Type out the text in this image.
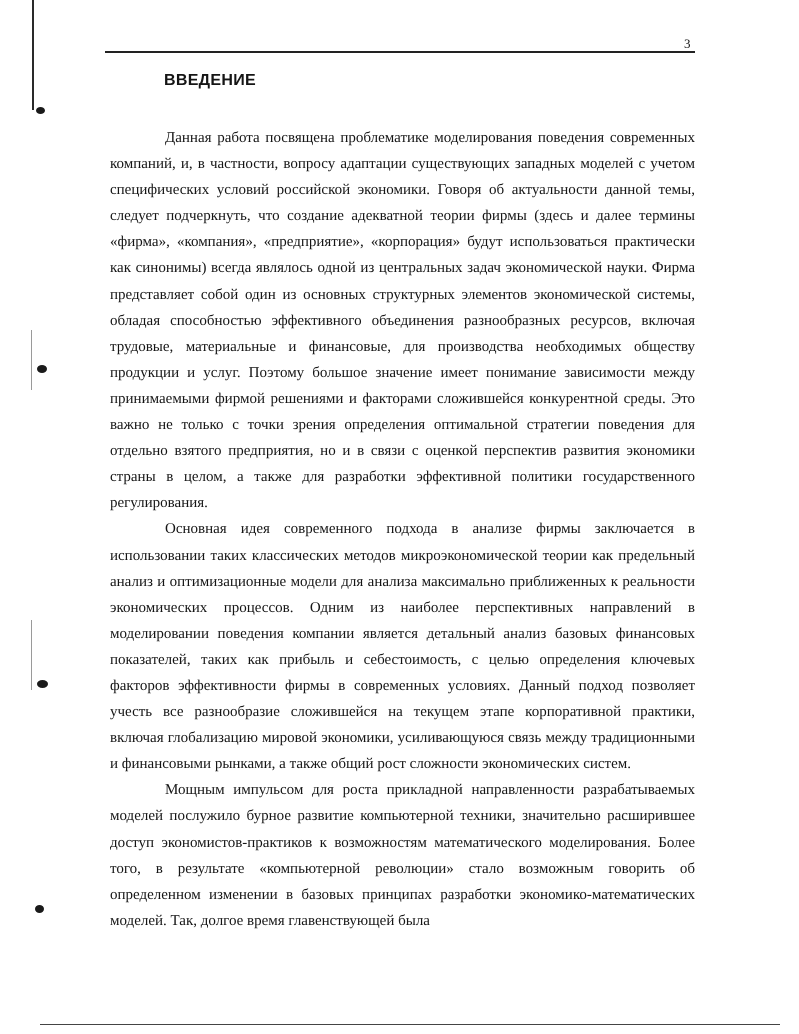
3
ВВЕДЕНИЕ

Данная работа посвящена проблематике моделирования поведения современных компаний, и, в частности, вопросу адаптации существующих западных моделей с учетом специфических условий российской экономики. Говоря об актуальности данной темы, следует подчеркнуть, что создание адекватной теории фирмы (здесь и далее термины «фирма», «компания», «предприятие», «корпорация» будут использоваться практически как синонимы) всегда являлось одной из центральных задач экономической науки. Фирма представляет собой один из основных структурных элементов экономической системы, обладая способностью эффективного объединения разнообразных ресурсов, включая трудовые, материальные и финансовые, для производства необходимых обществу продукции и услуг. Поэтому большое значение имеет понимание зависимости между принимаемыми фирмой решениями и факторами сложившейся конкурентной среды. Это важно не только с точки зрения определения оптимальной стратегии поведения для отдельно взятого предприятия, но и в связи с оценкой перспектив развития экономики страны в целом, а также для разработки эффективной политики государственного регулирования.

Основная идея современного подхода в анализе фирмы заключается в использовании таких классических методов микроэкономической теории как предельный анализ и оптимизационные модели для анализа максимально приближенных к реальности экономических процессов. Одним из наиболее перспективных направлений в моделировании поведения компании является детальный анализ базовых финансовых показателей, таких как прибыль и себестоимость, с целью определения ключевых факторов эффективности фирмы в современных условиях. Данный подход позволяет учесть все разнообразие сложившейся на текущем этапе корпоративной практики, включая глобализацию мировой экономики, усиливающуюся связь между традиционными и финансовыми рынками, а также общий рост сложности экономических систем.

Мощным импульсом для роста прикладной направленности разрабатываемых моделей послужило бурное развитие компьютерной техники, значительно расширившее доступ экономистов-практиков к возможностям математического моделирования. Более того, в результате «компьютерной революции» стало возможным говорить об определенном изменении в базовых принципах разработки экономико-математических моделей. Так, долгое время главенствующей была
